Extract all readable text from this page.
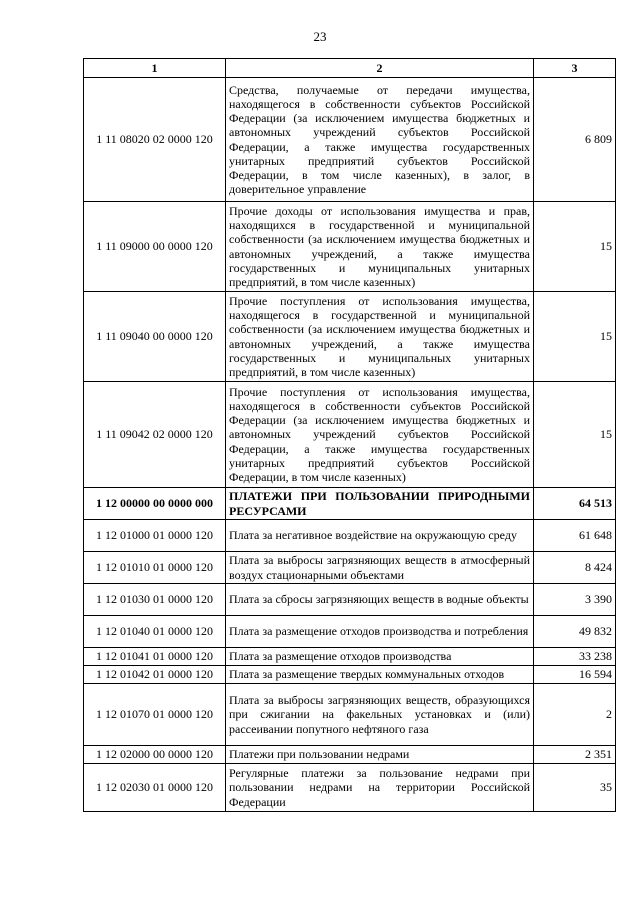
23
1	2	3
1 11 08020 02 0000 120	Средства, получаемые от передачи имущества, находящегося в собственности субъектов Российской Федерации (за исключением имущества бюджетных и автономных учреждений субъектов Российской Федерации, а также имущества государственных унитарных предприятий субъектов Российской Федерации, в том числе казенных), в залог, в доверительное управление	6 809
1 11 09000 00 0000 120	Прочие доходы от использования имущества и прав, находящихся в государственной и муниципальной собственности (за исключением имущества бюджетных и автономных учреждений, а также имущества государственных и муниципальных унитарных предприятий, в том числе казенных)	15
1 11 09040 00 0000 120	Прочие поступления от использования имущества, находящегося в государственной и муниципальной собственности (за исключением имущества бюджетных и автономных учреждений, а также имущества государственных и муниципальных унитарных предприятий, в том числе казенных)	15
1 11 09042 02 0000 120	Прочие поступления от использования имущества, находящегося в собственности субъектов Российской Федерации (за исключением имущества бюджетных и автономных учреждений субъектов Российской Федерации, а также имущества государственных унитарных предприятий субъектов Российской Федерации, в том числе казенных)	15
1 12 00000 00 0000 000	ПЛАТЕЖИ ПРИ ПОЛЬЗОВАНИИ ПРИРОДНЫМИ РЕСУРСАМИ	64 513
1 12 01000 01 0000 120	Плата за негативное воздействие на окружающую среду	61 648
1 12 01010 01 0000 120	Плата за выбросы загрязняющих веществ в атмосферный воздух стационарными объектами	8 424
1 12 01030 01 0000 120	Плата за сбросы загрязняющих веществ в водные объекты	3 390
1 12 01040 01 0000 120	Плата за размещение отходов производства и потребления	49 832
1 12 01041 01 0000 120	Плата за размещение отходов производства	33 238
1 12 01042 01 0000 120	Плата за размещение твердых коммунальных отходов	16 594
1 12 01070 01 0000 120	Плата за выбросы загрязняющих веществ, образующихся при сжигании на факельных установках и (или) рассеивании попутного нефтяного газа	2
1 12 02000 00 0000 120	Платежи при пользовании недрами	2 351
1 12 02030 01 0000 120	Регулярные платежи за пользование недрами при пользовании недрами на территории Российской Федерации	35
